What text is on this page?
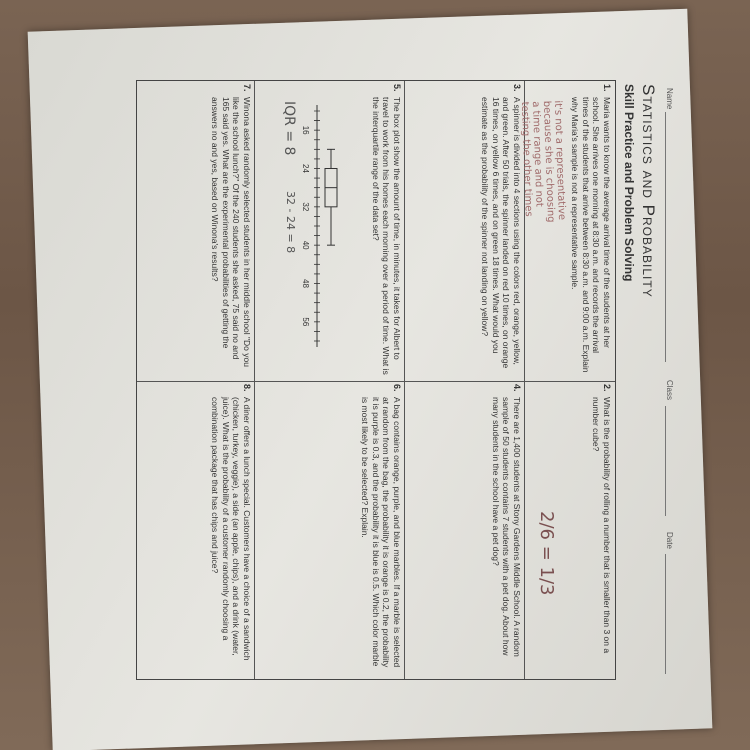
Name
Class
Date
Statistics and Probability
Skill Practice and Problem Solving
1.
Maria wants to know the average arrival time of the students at her school. She arrives one morning at 8:30 a.m. and records the arrival times of the students that arrive between 8:30 a.m. and 9:00 a.m. Explain why Maria's sample is not a representative sample.
2.
What is the probability of rolling a number that is smaller than 3 on a number cube?
3.
A spinner is divided into 4 sections using the colors red, orange, yellow, and green. After 50 trials, the spinner landed on red 10 times, on orange 16 times, on yellow 6 times, and on green 18 times. What would you estimate as the probability of the spinner not landing on yellow?
4.
There are 1,400 students at Stony Gardens Middle School. A random sample of 50 students contains 7 students with a pet dog. About how many students in the school have a pet dog?
5.
The box plot show the amount of time, in minutes, it takes for Albert to travel to work from his homes each morning over a period of time. What is the interquartile range of the data set?
6.
A bag contains orange, purple, and blue marbles. If a marble is selected at random from the bag, the probability it is orange is 0.2, the probability it is purple is 0.3, and the probability it is blue is 0.5. Which color marble is most likely to be selected? Explain.
7.
Winona asked randomly selected students in her middle school "Do you like the school lunch?" Of the 240 students she asked, 75 said no and 165 said yes. What are the experimental probabilities of getting the answers no and yes, based on Winona's results?
8.
A diner offers a lunch special. Customers have a choice of a sandwich (chicken, turkey, veggie), a side (an apple, chips), and a drink (water, juice). What is the probability of a customer randomly choosing a combination package that has chips and juice?
16
24
32
40
48
56
it's not a representative
because she is choosing
a time range and not
testing the other times
2/6 = 1/3
IQR = 8
32 - 24 = 8
